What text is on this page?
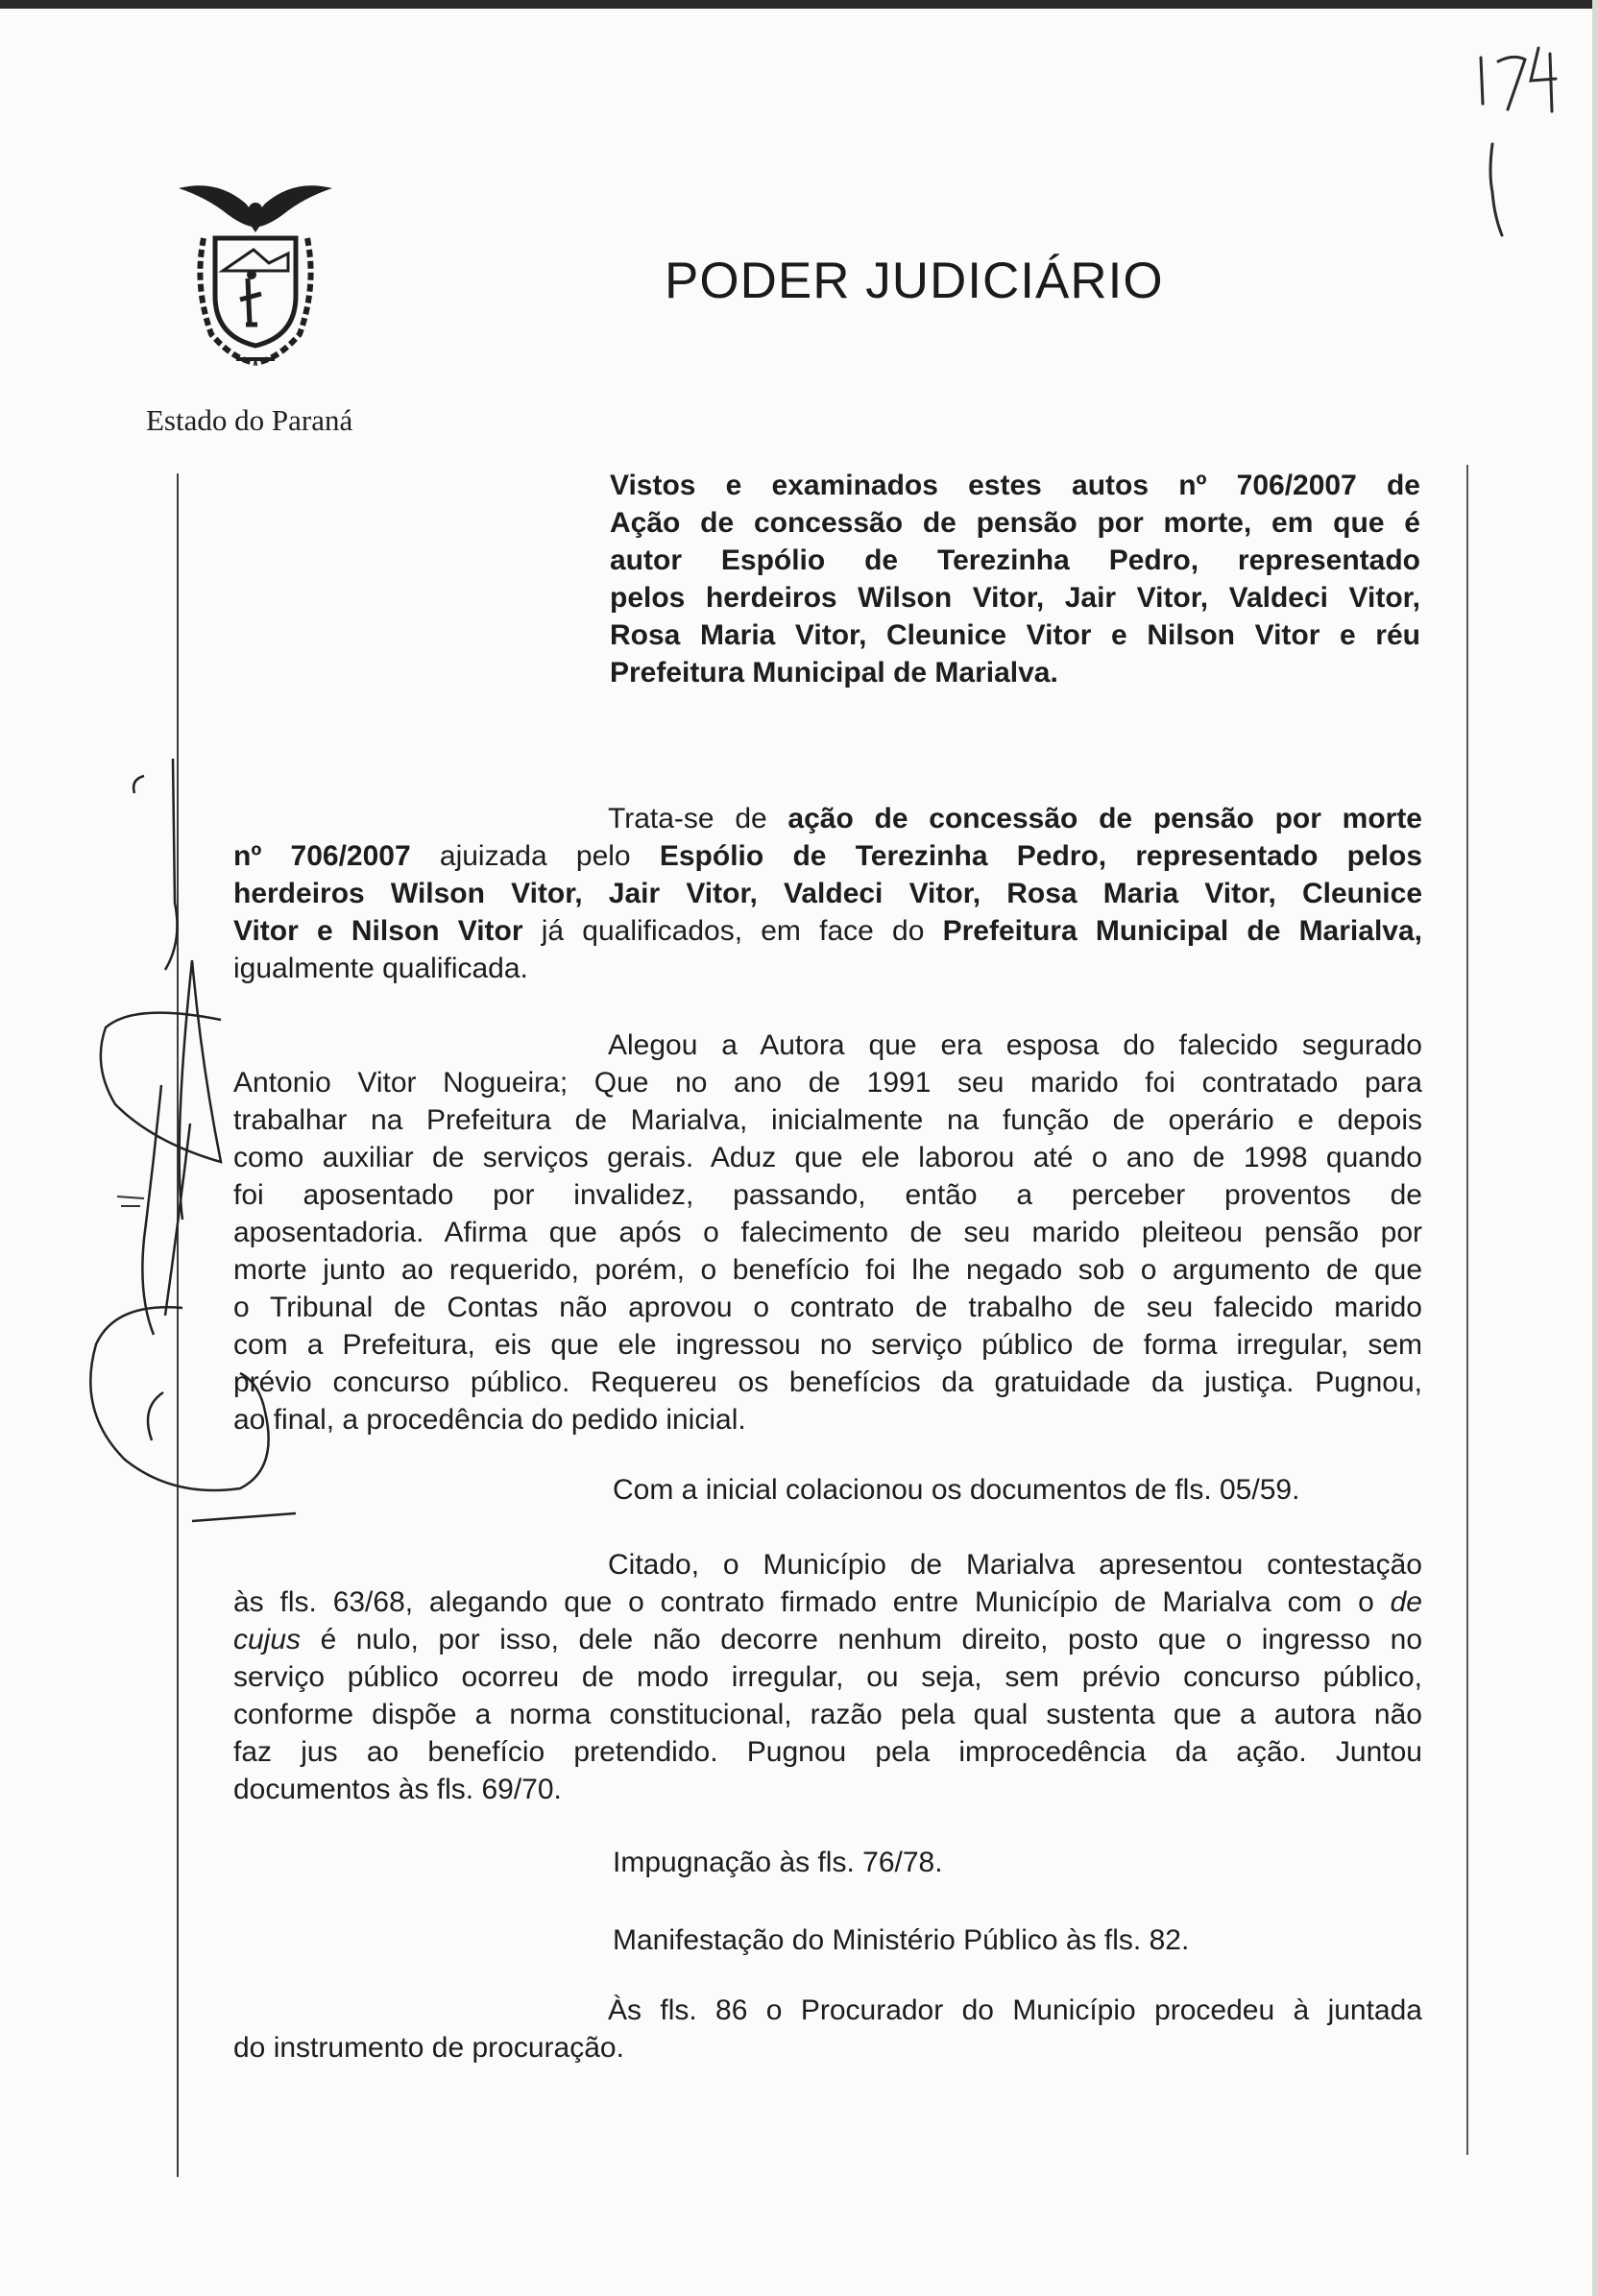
PODER JUDICIÁRIO

Estado do Paraná

Vistos e examinados estes autos nº 706/2007 de
Ação de concessão de pensão por morte, em que é
autor Espólio de Terezinha Pedro, representado
pelos herdeiros Wilson Vitor, Jair Vitor, Valdeci Vitor,
Rosa Maria Vitor, Cleunice Vitor e Nilson Vitor e réu
Prefeitura Municipal de Marialva.
Trata-se de ação de concessão de pensão por morte
nº 706/2007 ajuizada pelo Espólio de Terezinha Pedro, representado pelos
herdeiros Wilson Vitor, Jair Vitor, Valdeci Vitor, Rosa Maria Vitor, Cleunice
Vitor e Nilson Vitor já qualificados, em face do Prefeitura Municipal de Marialva,
igualmente qualificada.
Alegou a Autora que era esposa do falecido segurado
Antonio Vitor Nogueira; Que no ano de 1991 seu marido foi contratado para
trabalhar na Prefeitura de Marialva, inicialmente na função de operário e depois
como auxiliar de serviços gerais. Aduz que ele laborou até o ano de 1998 quando
foi aposentado por invalidez, passando, então a perceber proventos de
aposentadoria. Afirma que após o falecimento de seu marido pleiteou pensão por
morte junto ao requerido, porém, o benefício foi lhe negado sob o argumento de que
o Tribunal de Contas não aprovou o contrato de trabalho de seu falecido marido
com a Prefeitura, eis que ele ingressou no serviço público de forma irregular, sem
prévio concurso público. Requereu os benefícios da gratuidade da justiça. Pugnou,
ao final, a procedência do pedido inicial.

Com a inicial colacionou os documentos de fls. 05/59.

Citado, o Município de Marialva apresentou contestação
às fls. 63/68, alegando que o contrato firmado entre Município de Marialva com o de
cujus é nulo, por isso, dele não decorre nenhum direito, posto que o ingresso no
serviço público ocorreu de modo irregular, ou seja, sem prévio concurso público,
conforme dispõe a norma constitucional, razão pela qual sustenta que a autora não
faz jus ao benefício pretendido. Pugnou pela improcedência da ação. Juntou
documentos às fls. 69/70.

Impugnação às fls. 76/78.

Manifestação do Ministério Público às fls. 82.

Às fls. 86 o Procurador do Município procedeu à juntada
do instrumento de procuração.
